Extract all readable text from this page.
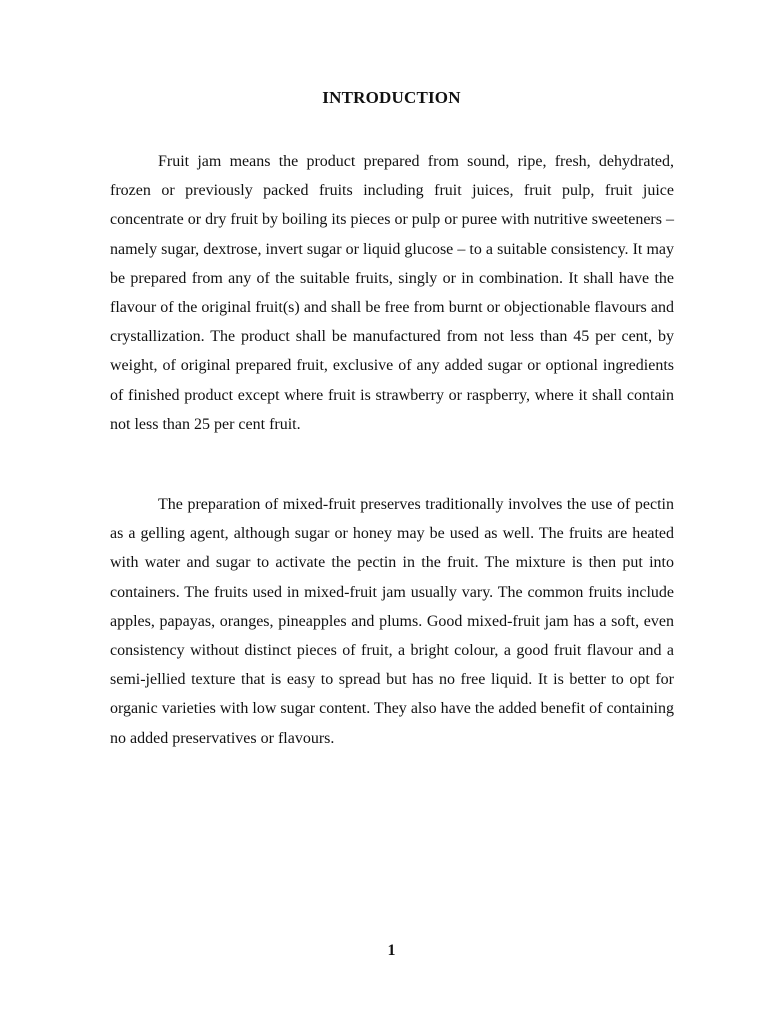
INTRODUCTION

Fruit jam means the product prepared from sound, ripe, fresh, dehydrated, frozen or previously packed fruits including fruit juices, fruit pulp, fruit juice concentrate or dry fruit by boiling its pieces or pulp or puree with nutritive sweeteners – namely sugar, dextrose, invert sugar or liquid glucose – to a suitable consistency. It may be prepared from any of the suitable fruits, singly or in combination. It shall have the flavour of the original fruit(s) and shall be free from burnt or objectionable flavours and crystallization. The product shall be manufactured from not less than 45 per cent, by weight, of original prepared fruit, exclusive of any added sugar or optional ingredients of finished product except where fruit is strawberry or raspberry, where it shall contain not less than 25 per cent fruit.

The preparation of mixed-fruit preserves traditionally involves the use of pectin as a gelling agent, although sugar or honey may be used as well. The fruits are heated with water and sugar to activate the pectin in the fruit. The mixture is then put into containers. The fruits used in mixed-fruit jam usually vary. The common fruits include apples, papayas, oranges, pineapples and plums. Good mixed-fruit jam has a soft, even consistency without distinct pieces of fruit, a bright colour, a good fruit flavour and a semi-jellied texture that is easy to spread but has no free liquid. It is better to opt for organic varieties with low sugar content. They also have the added benefit of containing no added preservatives or flavours.

1
